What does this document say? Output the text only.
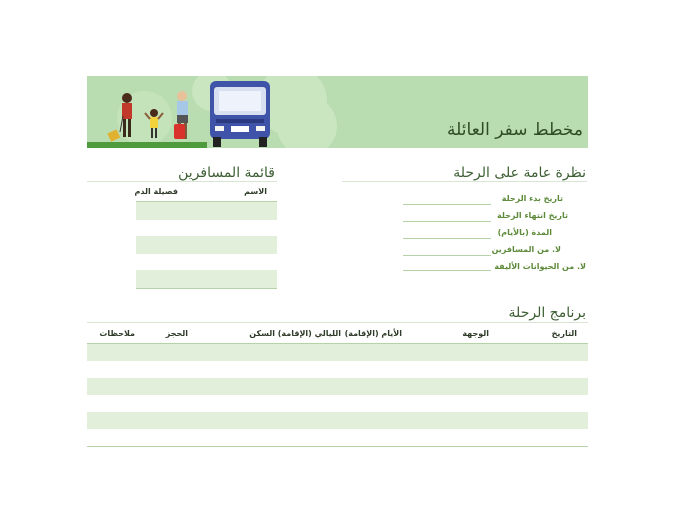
مخطط سفر العائلة
نظرة عامة على الرحلة
تاريخ بدء الرحلة
تاريخ انتهاء الرحلة
المدة (بالأيام)
لا. من المسافرين
لا. من الحيوانات الأليفة
قائمة المسافرين
الاسم
فصيلة الدم
برنامج الرحلة
التاريخ
الوجهة
الأيام (الإقامة)
الليالي (الإقامة)
السكن
الحجز
ملاحظات
